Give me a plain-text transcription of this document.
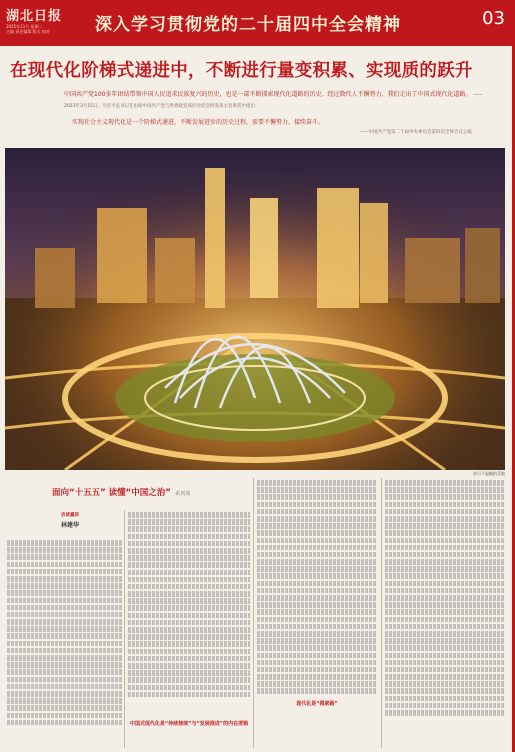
湖北日报
2025年11月 星期二
主编 责任编辑 版式 校对	深入学习贯彻党的二十届四中全会精神	03
在现代化阶梯式递进中，不断进行量变积累、实现质的跃升
中国共产党100多年团结带领中国人民追求民族复兴的历史，也是一部不断探索现代化道路的历史。经过数代人不懈努力，我们走出了中国式现代化道路。 ——2023年3月15日，习近平总书记在出席中国共产党与世界政党高层对话会时发表主旨讲话中指出
实现社会主义现代化是一个阶梯式递进、不断发展进步的历史过程，需要不懈努力、接续奋斗。
——中国共产党第二十届中央委员会第四次全体会议公报
昔日不起眼的荒地
面向“十五五” 读懂“中国之治” ·系列谈
访谈嘉宾
林建华
中国式现代化是“持续接续”与“发展推进”的内在逻辑
现代化是“摸索路”
